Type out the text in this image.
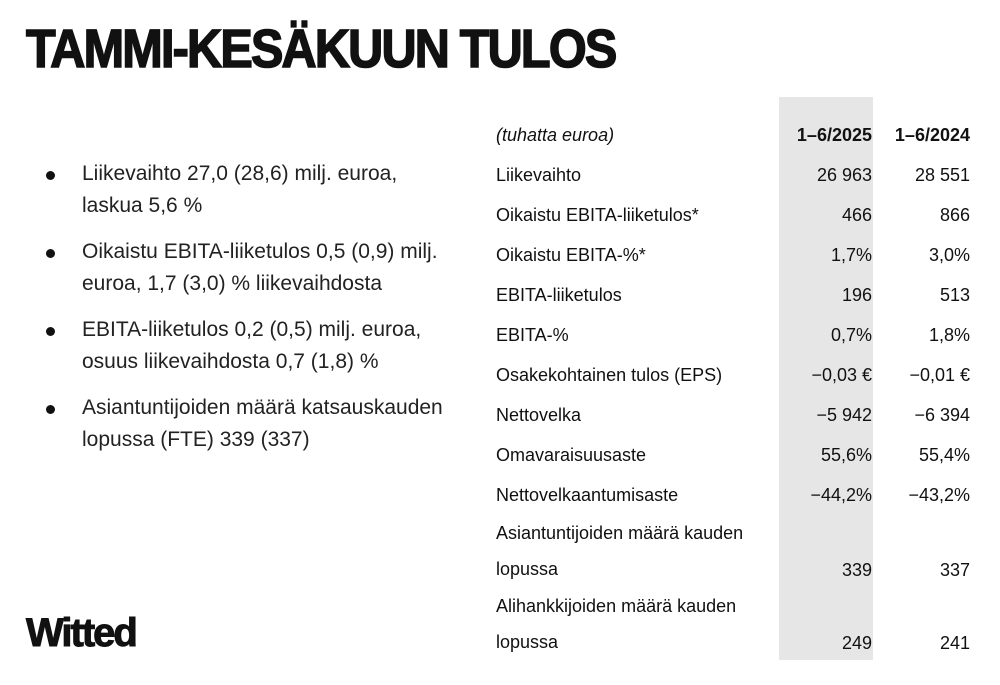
TAMMI-KESÄKUUN TULOS
Liikevaihto 27,0 (28,6) milj. euroa, laskua 5,6 %
Oikaistu EBITA-liiketulos 0,5 (0,9) milj. euroa, 1,7 (3,0) % liikevaihdosta
EBITA-liiketulos 0,2 (0,5) milj. euroa, osuus liikevaihdosta 0,7 (1,8) %
Asiantuntijoiden määrä katsauskauden lopussa (FTE) 339 (337)
Witted
(tuhatta euroa)	1–6/2025	1–6/2024
Liikevaihto	26 963	28 551
Oikaistu EBITA-liiketulos*	466	866
Oikaistu EBITA-%*	1,7%	3,0%
EBITA-liiketulos	196	513
EBITA-%	0,7%	1,8%
Osakekohtainen tulos (EPS)	−0,03 €	−0,01 €
Nettovelka	−5 942	−6 394
Omavaraisuusaste	55,6%	55,4%
Nettovelkaantumisaste	−44,2%	−43,2%
Asiantuntijoiden määrä kauden lopussa	339	337
Alihankkijoiden määrä kauden lopussa	249	241
